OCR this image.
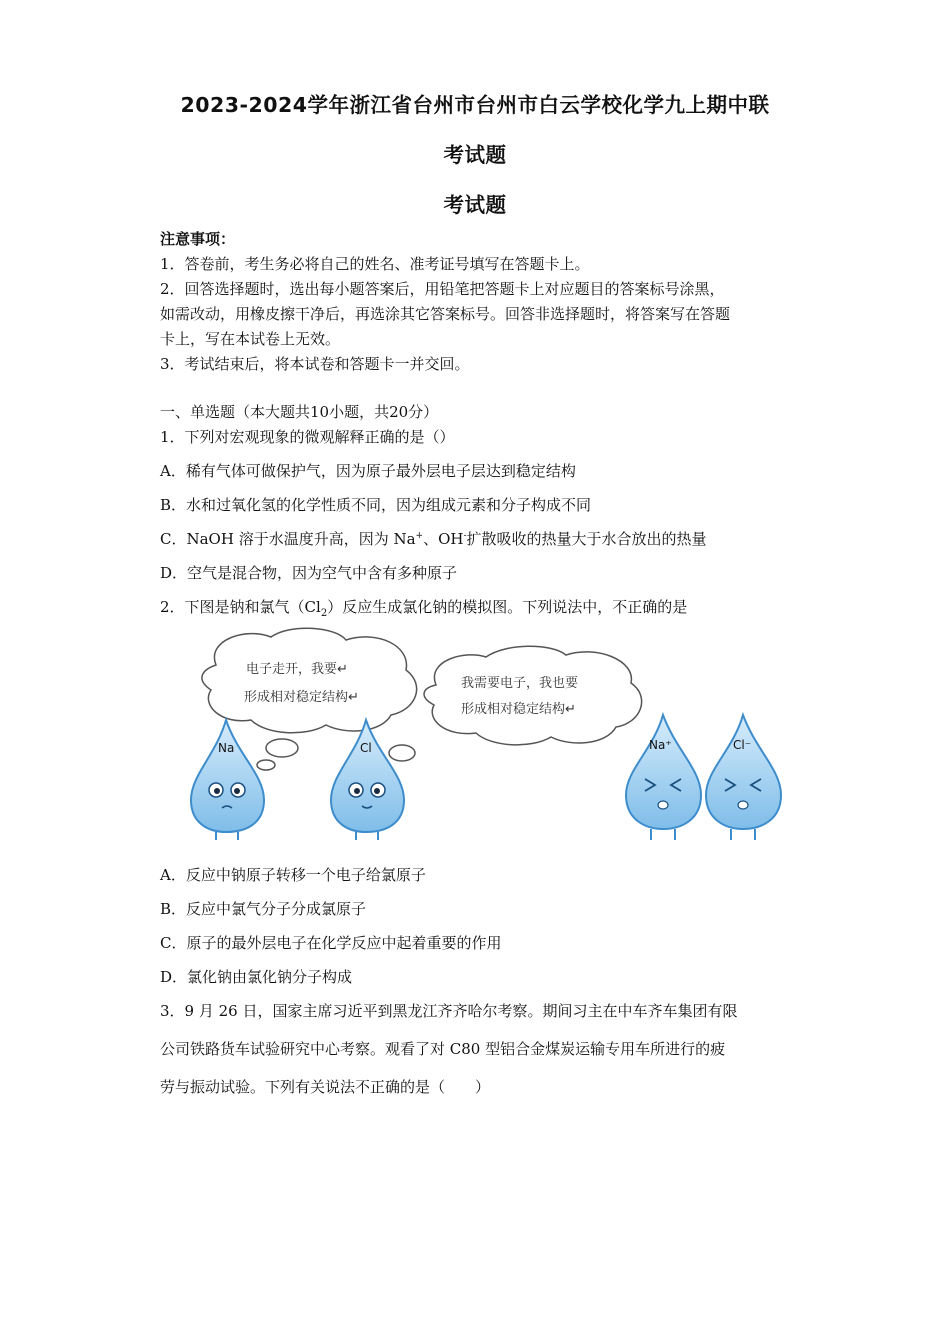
2023-2024学年浙江省台州市台州市白云学校化学九上期中联
考试题
考试题
注意事项：
1．答卷前，考生务必将自己的姓名、准考证号填写在答题卡上。
2．回答选择题时，选出每小题答案后，用铅笔把答题卡上对应题目的答案标号涂黑，
如需改动，用橡皮擦干净后，再选涂其它答案标号。回答非选择题时，将答案写在答题
卡上，写在本试卷上无效。
3．考试结束后，将本试卷和答题卡一并交回。
一、单选题（本大题共10小题，共20分）
1．下列对宏观现象的微观解释正确的是（）
A．稀有气体可做保护气，因为原子最外层电子层达到稳定结构
B．水和过氧化氢的化学性质不同，因为组成元素和分子构成不同
C．NaOH 溶于水温度升高，因为 Na+、OH-扩散吸收的热量大于水合放出的热量
D．空气是混合物，因为空气中含有多种原子
2．下图是钠和氯气$(Cl_2)$反应生成氯化钠的模拟图。下列说法中，不正确的是
电子走开，我要↵
形成相对稳定结构↵
我需要电子，我也要
形成相对稳定结构↵
Na	Cl	Na⁺	Cl⁻
A．反应中钠原子转移一个电子给氯原子
B．反应中氯气分子分成氯原子
C．原子的最外层电子在化学反应中起着重要的作用
D．氯化钠由氯化钠分子构成
3．9 月 26 日，国家主席习近平到黑龙江齐齐哈尔考察。期间习主在中车齐车集团有限
公司铁路货车试验研究中心考察。观看了对 C80 型铝合金煤炭运输专用车所进行的疲
劳与振动试验。下列有关说法不正确的是（　　）
